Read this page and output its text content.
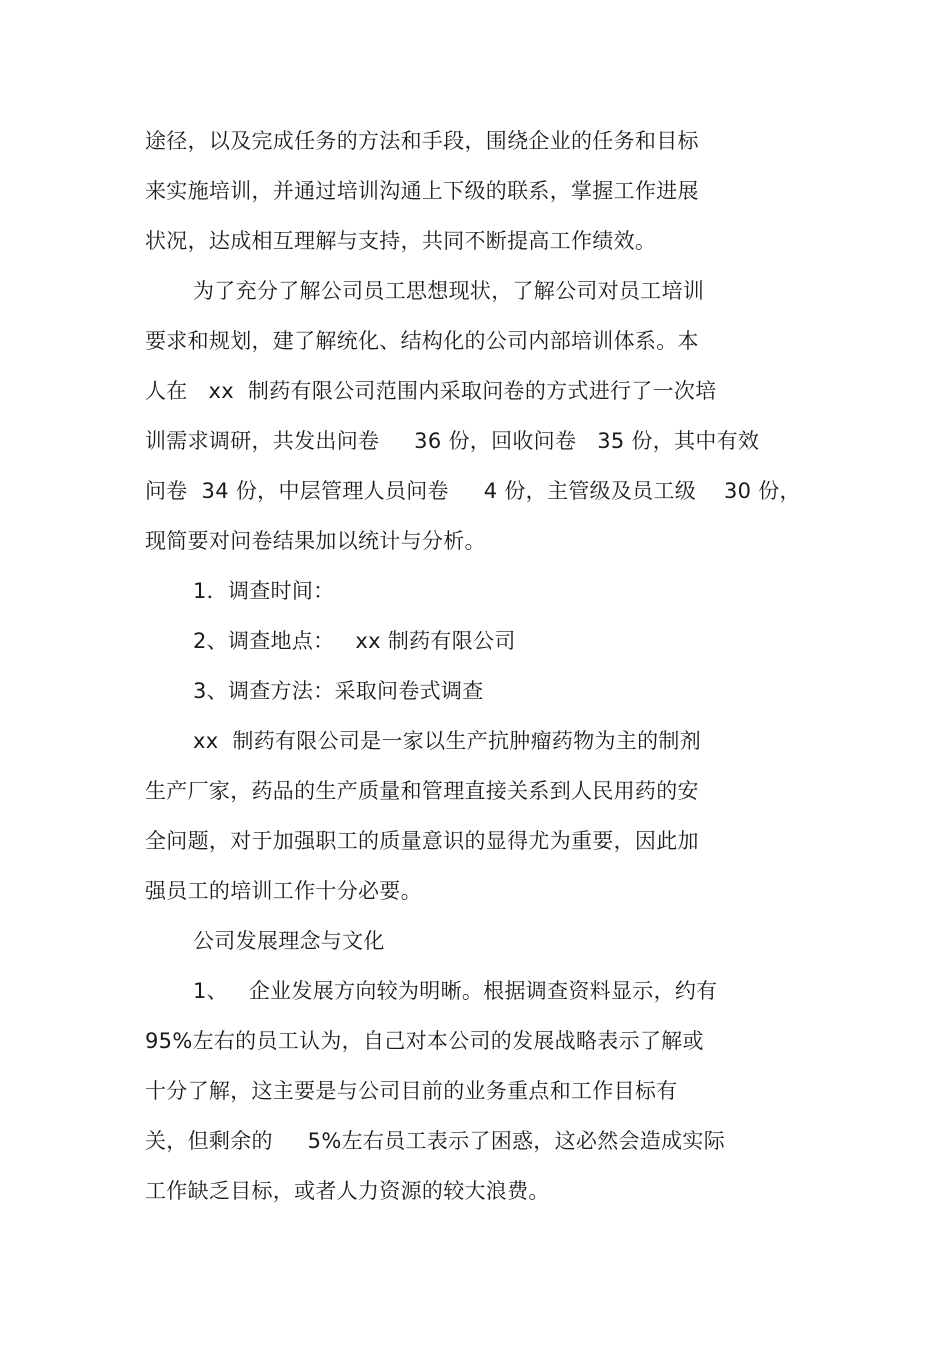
途径，以及完成任务的方法和手段，围绕企业的任务和目标
来实施培训，并通过培训沟通上下级的联系，掌握工作进展
状况，达成相互理解与支持，共同不断提高工作绩效。
为了充分了解公司员工思想现状，了解公司对员工培训
要求和规划，建了解统化、结构化的公司内部培训体系。本
人在   xx  制药有限公司范围内采取问卷的方式进行了一次培
训需求调研，共发出问卷     36 份，回收问卷   35 份，其中有效
问卷  34 份，中层管理人员问卷     4 份，主管级及员工级    30 份，
现简要对问卷结果加以统计与分析。
1．调查时间：
2、调查地点：   xx 制药有限公司
3、调查方法：采取问卷式调查
xx  制药有限公司是一家以生产抗肿瘤药物为主的制剂
生产厂家，药品的生产质量和管理直接关系到人民用药的安
全问题，对于加强职工的质量意识的显得尤为重要，因此加
强员工的培训工作十分必要。
公司发展理念与文化
1、   企业发展方向较为明晰。根据调查资料显示，约有
95%左右的员工认为，自己对本公司的发展战略表示了解或
十分了解，这主要是与公司目前的业务重点和工作目标有
关，但剩余的     5%左右员工表示了困惑，这必然会造成实际
工作缺乏目标，或者人力资源的较大浪费。
